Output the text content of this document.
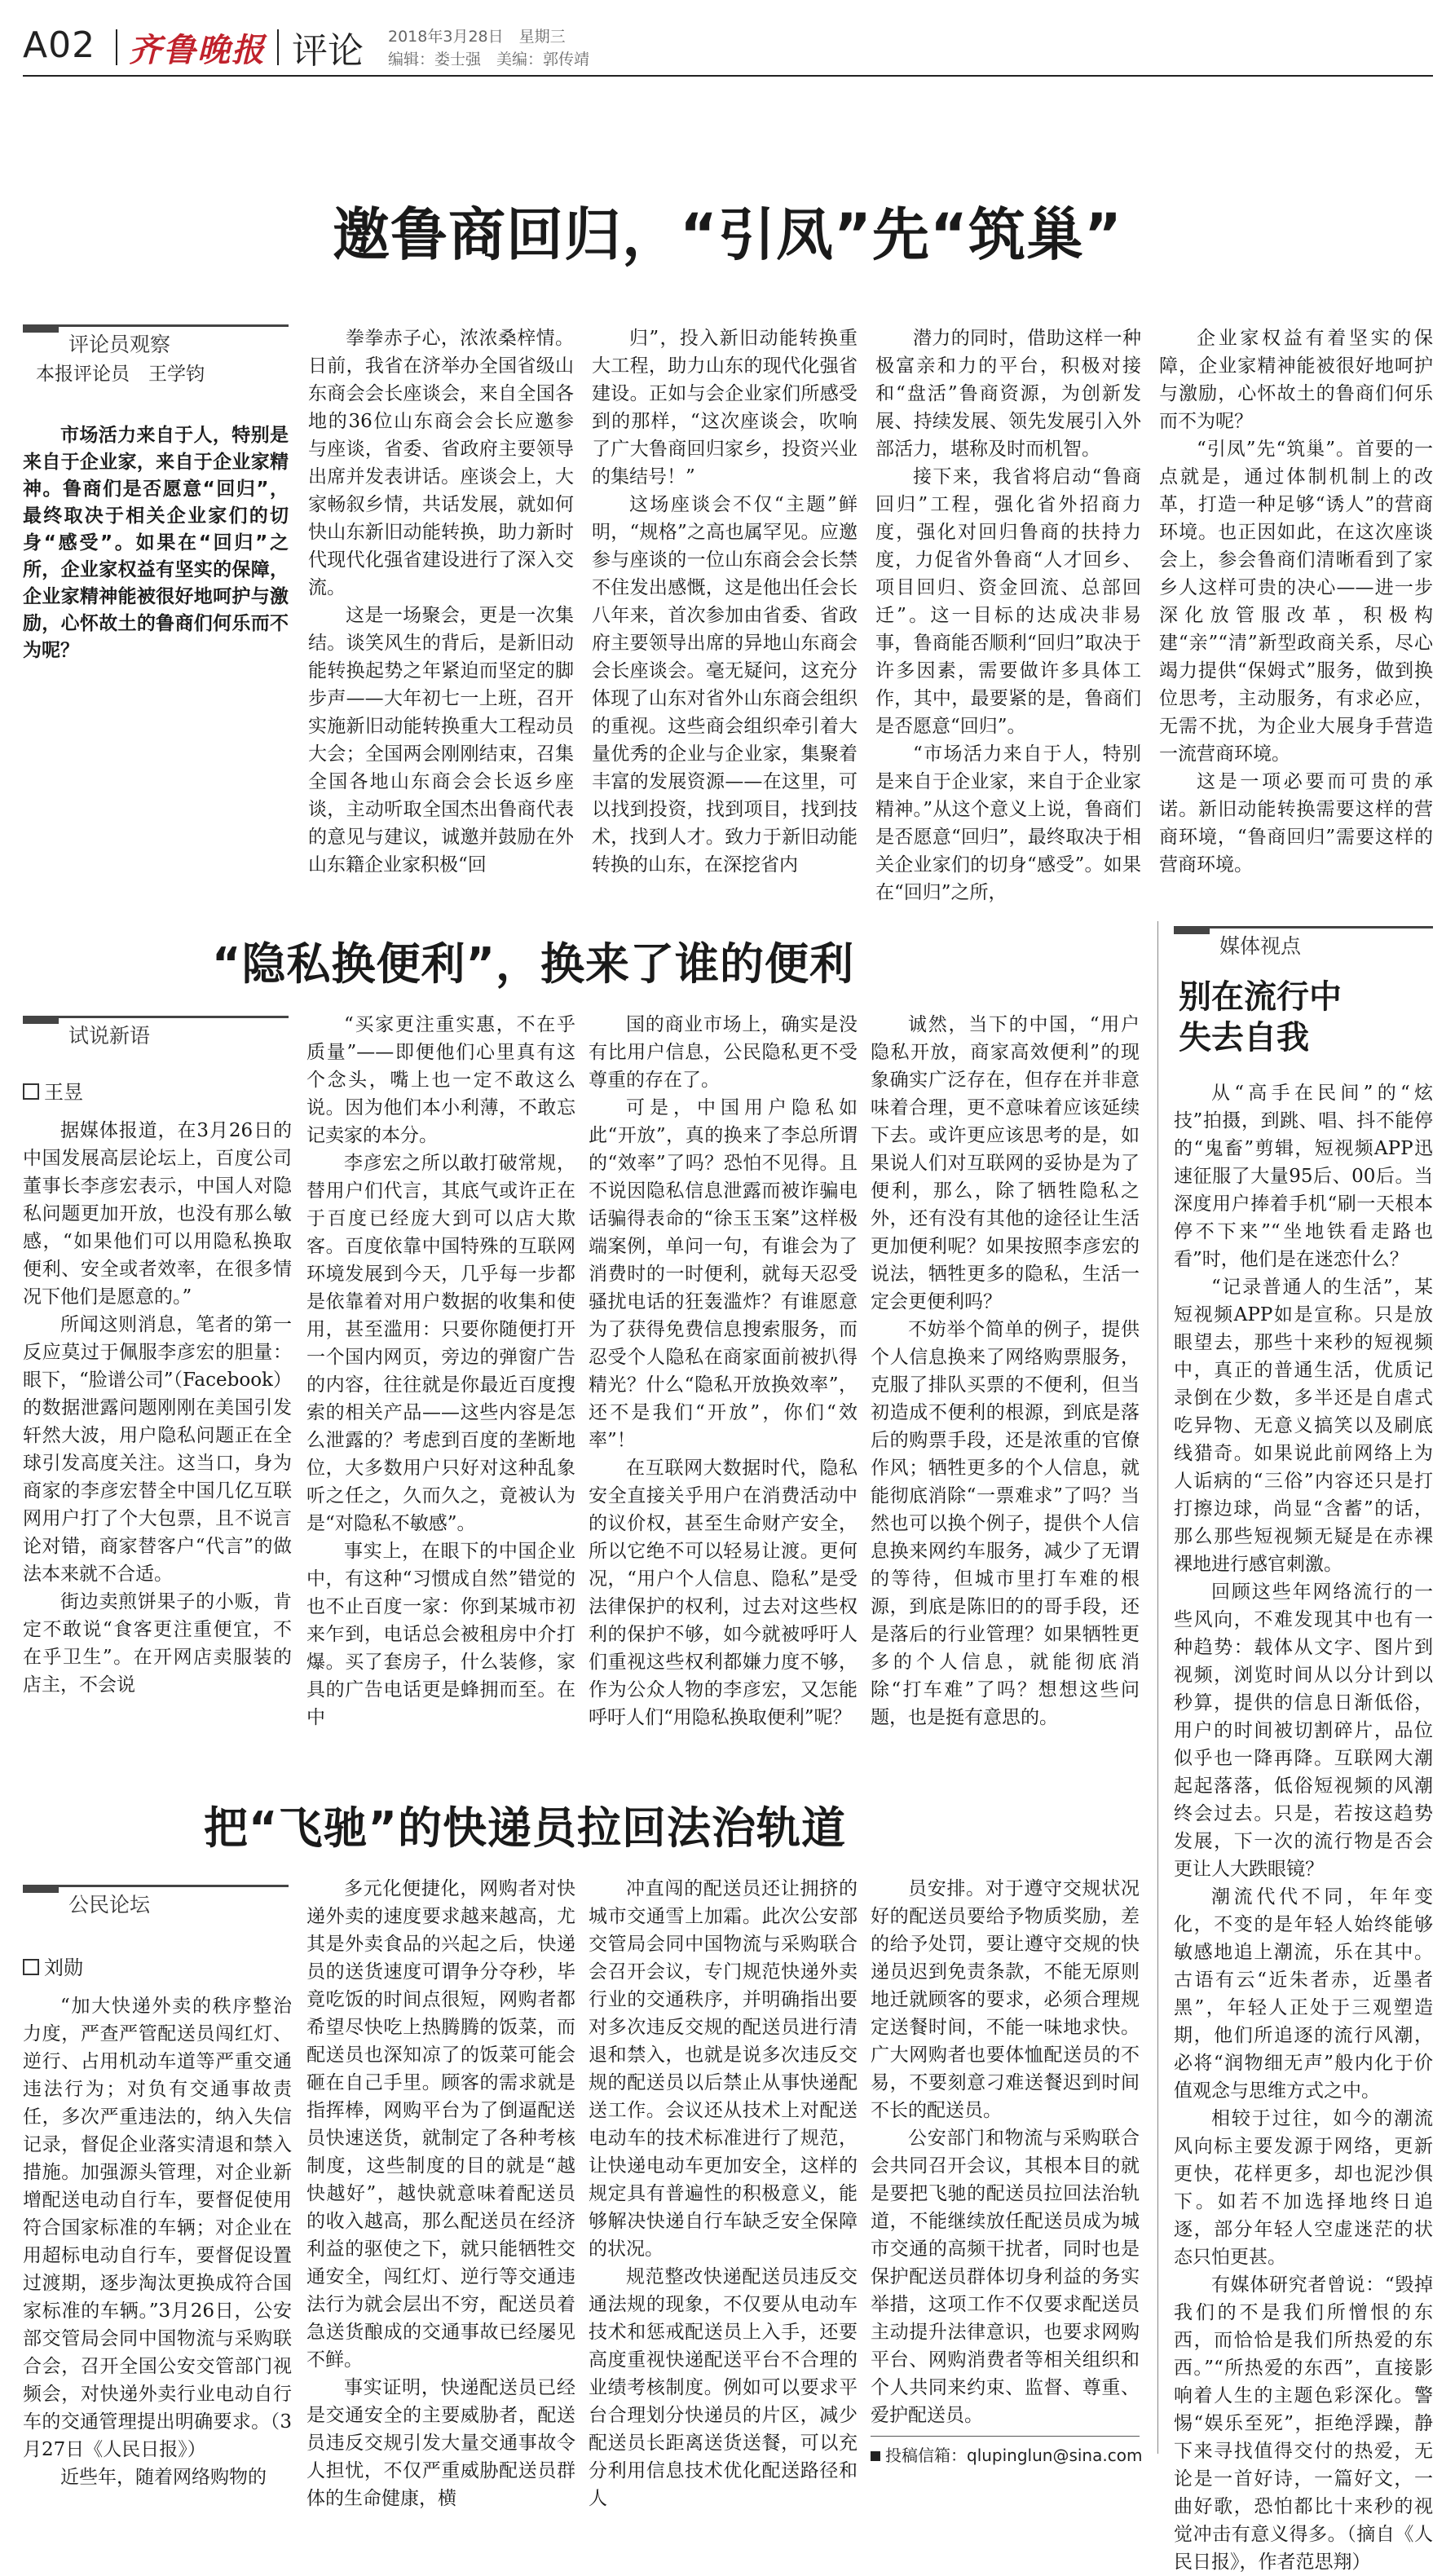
A02 齐鲁晚报 评论 2018年3月28日　星期三
编辑：娄士强　美编：郭传靖
邀鲁商回归，“引凤”先“筑巢”
评论员观察
本报评论员　王学钧

市场活力来自于人，特别是来自于企业家，来自于企业家精神。鲁商们是否愿意“回归”，最终取决于相关企业家们的切身“感受”。如果在“回归”之所，企业家权益有坚实的保障，企业家精神能被很好地呵护与激励，心怀故土的鲁商们何乐而不为呢？

拳拳赤子心，浓浓桑梓情。日前，我省在济举办全国省级山东商会会长座谈会，来自全国各地的36位山东商会会长应邀参与座谈，省委、省政府主要领导出席并发表讲话。座谈会上，大家畅叙乡情，共话发展，就如何快山东新旧动能转换，助力新时代现代化强省建设进行了深入交流。

这是一场聚会，更是一次集结。谈笑风生的背后，是新旧动能转换起势之年紧迫而坚定的脚步声——大年初七一上班，召开实施新旧动能转换重大工程动员大会；全国两会刚刚结束，召集全国各地山东商会会长返乡座谈，主动听取全国杰出鲁商代表的意见与建议，诚邀并鼓励在外山东籍企业家积极“回

归”，投入新旧动能转换重大工程，助力山东的现代化强省建设。正如与会企业家们所感受到的那样，“这次座谈会，吹响了广大鲁商回归家乡，投资兴业的集结号！”

这场座谈会不仅“主题”鲜明，“规格”之高也属罕见。应邀参与座谈的一位山东商会会长禁不住发出感慨，这是他出任会长八年来，首次参加由省委、省政府主要领导出席的异地山东商会会长座谈会。毫无疑问，这充分体现了山东对省外山东商会组织的重视。这些商会组织牵引着大量优秀的企业与企业家，集聚着丰富的发展资源——在这里，可以找到投资，找到项目，找到技术，找到人才。致力于新旧动能转换的山东，在深挖省内

潜力的同时，借助这样一种极富亲和力的平台，积极对接和“盘活”鲁商资源，为创新发展、持续发展、领先发展引入外部活力，堪称及时而机智。

接下来，我省将启动“鲁商回归”工程，强化省外招商力度，强化对回归鲁商的扶持力度，力促省外鲁商“人才回乡、项目回归、资金回流、总部回迁”。这一目标的达成决非易事，鲁商能否顺利“回归”取决于许多因素，需要做许多具体工作，其中，最要紧的是，鲁商们是否愿意“回归”。

“市场活力来自于人，特别是来自于企业家，来自于企业家精神。”从这个意义上说，鲁商们是否愿意“回归”，最终取决于相关企业家们的切身“感受”。如果在“回归”之所，

企业家权益有着坚实的保障，企业家精神能被很好地呵护与激励，心怀故土的鲁商们何乐而不为呢？

“引凤”先“筑巢”。首要的一点就是，通过体制机制上的改革，打造一种足够“诱人”的营商环境。也正因如此，在这次座谈会上，参会鲁商们清晰看到了家乡人这样可贵的决心——进一步深化放管服改革，积极构建“亲”“清”新型政商关系，尽心竭力提供“保姆式”服务，做到换位思考，主动服务，有求必应，无需不扰，为企业大展身手营造一流营商环境。

这是一项必要而可贵的承诺。新旧动能转换需要这样的营商环境，“鲁商回归”需要这样的营商环境。

“隐私换便利”，换来了谁的便利
试说新语
王昱

据媒体报道，在3月26日的中国发展高层论坛上，百度公司董事长李彦宏表示，中国人对隐私问题更加开放，也没有那么敏感，“如果他们可以用隐私换取便利、安全或者效率，在很多情况下他们是愿意的。”

所闻这则消息，笔者的第一反应莫过于佩服李彦宏的胆量：眼下，“脸谱公司”（Facebook）的数据泄露问题刚刚在美国引发轩然大波，用户隐私问题正在全球引发高度关注。这当口，身为商家的李彦宏替全中国几亿互联网用户打了个大包票，且不说言论对错，商家替客户“代言”的做法本来就不合适。

街边卖煎饼果子的小贩，肯定不敢说“食客更注重便宜，不在乎卫生”。在开网店卖服装的店主，不会说

“买家更注重实惠，不在乎质量”——即便他们心里真有这个念头，嘴上也一定不敢这么说。因为他们本小利薄，不敢忘记卖家的本分。

李彦宏之所以敢打破常规，替用户们代言，其底气或许正在于百度已经庞大到可以店大欺客。百度依靠中国特殊的互联网环境发展到今天，几乎每一步都是依靠着对用户数据的收集和使用，甚至滥用：只要你随便打开一个国内网页，旁边的弹窗广告的内容，往往就是你最近百度搜索的相关产品——这些内容是怎么泄露的？考虑到百度的垄断地位，大多数用户只好对这种乱象听之任之，久而久之，竟被认为是“对隐私不敏感”。

事实上，在眼下的中国企业中，有这种“习惯成自然”错觉的也不止百度一家：你到某城市初来乍到，电话总会被租房中介打爆。买了套房子，什么装修，家具的广告电话更是蜂拥而至。在中

国的商业市场上，确实是没有比用户信息，公民隐私更不受尊重的存在了。

可是，中国用户隐私如此“开放”，真的换来了李总所谓的“效率”了吗？恐怕不见得。且不说因隐私信息泄露而被诈骗电话骗得表命的“徐玉玉案”这样极端案例，单问一句，有谁会为了消费时的一时便利，就每天忍受骚扰电话的狂轰滥炸？有谁愿意为了获得免费信息搜索服务，而忍受个人隐私在商家面前被扒得精光？什么“隐私开放换效率”，还不是我们“开放”，你们“效率”！

在互联网大数据时代，隐私安全直接关乎用户在消费活动中的议价权，甚至生命财产安全，所以它绝不可以轻易让渡。更何况，“用户个人信息、隐私”是受法律保护的权利，过去对这些权利的保护不够，如今就被呼吁人们重视这些权利都嫌力度不够，作为公众人物的李彦宏，又怎能呼吁人们“用隐私换取便利”呢？

诚然，当下的中国，“用户隐私开放，商家高效便利”的现象确实广泛存在，但存在并非意味着合理，更不意味着应该延续下去。或许更应该思考的是，如果说人们对互联网的妥协是为了便利，那么，除了牺牲隐私之外，还有没有其他的途径让生活更加便利呢？如果按照李彦宏的说法，牺牲更多的隐私，生活一定会更便利吗？

不妨举个简单的例子，提供个人信息换来了网络购票服务，克服了排队买票的不便利，但当初造成不便利的根源，到底是落后的购票手段，还是浓重的官僚作风；牺牲更多的个人信息，就能彻底消除“一票难求”了吗？当然也可以换个例子，提供个人信息换来网约车服务，减少了无谓的等待，但城市里打车难的根源，到底是陈旧的的哥手段，还是落后的行业管理？如果牺牲更多的个人信息，就能彻底消除“打车难”了吗？想想这些问题，也是挺有意思的。

把“飞驰”的快递员拉回法治轨道
公民论坛
刘勋

“加大快递外卖的秩序整治力度，严查严管配送员闯红灯、逆行、占用机动车道等严重交通违法行为；对负有交通事故责任，多次严重违法的，纳入失信记录，督促企业落实清退和禁入措施。加强源头管理，对企业新增配送电动自行车，要督促使用符合国家标准的车辆；对企业在用超标电动自行车，要督促设置过渡期，逐步淘汰更换成符合国家标准的车辆。”3月26日，公安部交管局会同中国物流与采购联合会，召开全国公安交管部门视频会，对快递外卖行业电动自行车的交通管理提出明确要求。（3月27日《人民日报》）

近些年，随着网络购物的

多元化便捷化，网购者对快递外卖的速度要求越来越高，尤其是外卖食品的兴起之后，快递员的送货速度可谓争分夺秒，毕竟吃饭的时间点很短，网购者都希望尽快吃上热腾腾的饭菜，而配送员也深知凉了的饭菜可能会砸在自己手里。顾客的需求就是指挥棒，网购平台为了倒逼配送员快速送货，就制定了各种考核制度，这些制度的目的就是“越快越好”，越快就意味着配送员的收入越高，那么配送员在经济利益的驱使之下，就只能牺牲交通安全，闯红灯、逆行等交通违法行为就会层出不穷，配送员着急送货酿成的交通事故已经屡见不鲜。

事实证明，快递配送员已经是交通安全的主要威胁者，配送员违反交规引发大量交通事故令人担忧，不仅严重威胁配送员群体的生命健康，横

冲直闯的配送员还让拥挤的城市交通雪上加霜。此次公安部交管局会同中国物流与采购联合会召开会议，专门规范快递外卖行业的交通秩序，并明确指出要对多次违反交规的配送员进行清退和禁入，也就是说多次违反交规的配送员以后禁止从事快递配送工作。会议还从技术上对配送电动车的技术标准进行了规范，让快递电动车更加安全，这样的规定具有普遍性的积极意义，能够解决快递自行车缺乏安全保障的状况。

规范整改快递配送员违反交通法规的现象，不仅要从电动车技术和惩戒配送员上入手，还要高度重视快递配送平台不合理的业绩考核制度。例如可以要求平台合理划分快递员的片区，减少配送员长距离送货送餐，可以充分利用信息技术优化配送路径和人

员安排。对于遵守交规状况好的配送员要给予物质奖励，差的给予处罚，要让遵守交规的快递员迟到免责条款，不能无原则地迁就顾客的要求，必须合理规定送餐时间，不能一味地求快。广大网购者也要体恤配送员的不易，不要刻意刁难送餐迟到时间不长的配送员。

公安部门和物流与采购联合会共同召开会议，其根本目的就是要把飞驰的配送员拉回法治轨道，不能继续放任配送员成为城市交通的高频干扰者，同时也是保护配送员群体切身利益的务实举措，这项工作不仅要求配送员主动提升法律意识，也要求网购平台、网购消费者等相关组织和个人共同来约束、监督、尊重、爱护配送员。

投稿信箱：qlupinglun@sina.com
媒体视点
别在流行中
失去自我

从“高手在民间”的“炫技”拍摄，到跳、唱、抖不能停的“鬼畜”剪辑，短视频APP迅速征服了大量95后、00后。当深度用户捧着手机“刷一天根本停不下来”“坐地铁看走路也看”时，他们是在迷恋什么？

“记录普通人的生活”，某短视频APP如是宣称。只是放眼望去，那些十来秒的短视频中，真正的普通生活，优质记录倒在少数，多半还是自虐式吃异物、无意义搞笑以及刷底线猎奇。如果说此前网络上为人诟病的“三俗”内容还只是打打擦边球，尚显“含蓄”的话，那么那些短视频无疑是在赤裸裸地进行感官刺激。

回顾这些年网络流行的一些风向，不难发现其中也有一种趋势：载体从文字、图片到视频，浏览时间从以分计到以秒算，提供的信息日渐低俗，用户的时间被切割碎片，品位似乎也一降再降。互联网大潮起起落落，低俗短视频的风潮终会过去。只是，若按这趋势发展，下一次的流行物是否会更让人大跌眼镜？

潮流代代不同，年年变化，不变的是年轻人始终能够敏感地追上潮流，乐在其中。古语有云“近朱者赤，近墨者黑”，年轻人正处于三观塑造期，他们所追逐的流行风潮，必将“润物细无声”般内化于价值观念与思维方式之中。

相较于过往，如今的潮流风向标主要发源于网络，更新更快，花样更多，却也泥沙俱下。如若不加选择地终日追逐，部分年轻人空虚迷茫的状态只怕更甚。

有媒体研究者曾说：“毁掉我们的不是我们所憎恨的东西，而恰恰是我们所热爱的东西。”“所热爱的东西”，直接影响着人生的主题色彩深化。警惕“娱乐至死”，拒绝浮躁，静下来寻找值得交付的热爱，无论是一首好诗，一篇好文，一曲好歌，恐怕都比十来秒的视觉冲击有意义得多。（摘自《人民日报》，作者范思翔）
